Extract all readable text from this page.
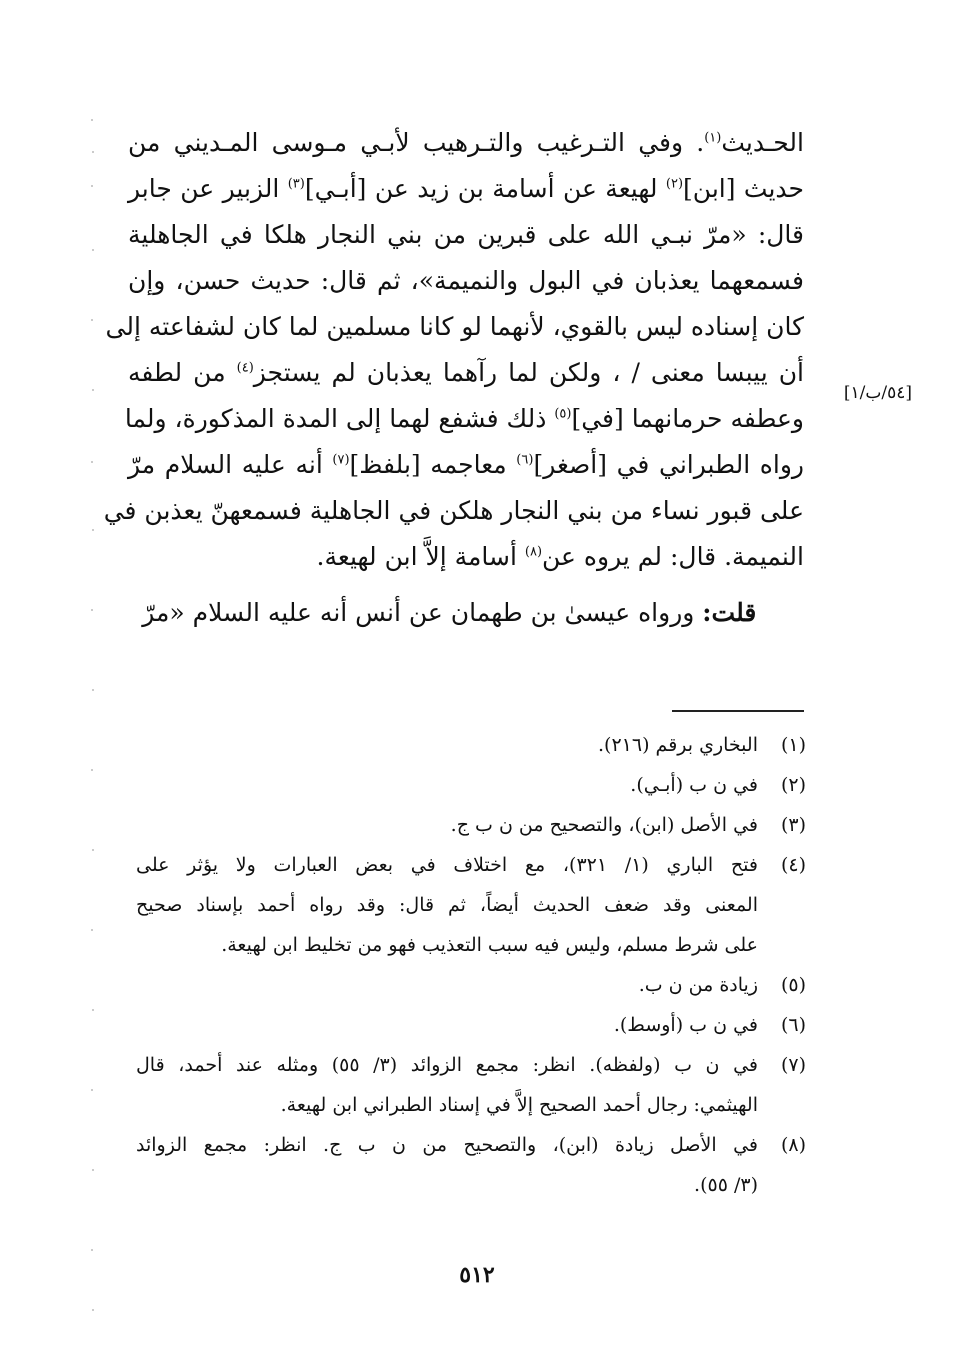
[٥٤/ب/١]

الحـديث$^{(١)}$. وفي التـرغيب والتـرهيب لأبـي مـوسى المـديني من

حديث [ابن]$^{(٢)}$ لهيعة عن أسامة بن زيد عن [أبـي]$^{(٣)}$ الزبير عن جابر

قال: «مرّ نبـي الله على قبرين من بني النجار هلكا في الجاهلية

فسمعهما يعذبان في البول والنميمة»، ثم قال: حديث حسن، وإن

كان إسناده ليس بالقوي، لأنهما لو كانا مسلمين لما كان لشفاعته إلى

أن ييبسا معنى / ، ولكن لما رآهما يعذبان لم يستجز$^{(٤)}$ من لطفه

وعطفه حرمانهما [في]$^{(٥)}$ ذلك فشفع لهما إلى المدة المذكورة، ولما

رواه الطبراني في [أصغر]$^{(٦)}$ معاجمه [بلفظ]$^{(٧)}$ أنه عليه السلام مرّ

على قبور نساء من بني النجار هلكن في الجاهلية فسمعهنّ يعذبن في

النميمة. قال: لم يروه عن$^{(٨)}$ أسامة إلاَّ ابن لهيعة.

قلت: ورواه عيسىٰ بن طهمان عن أنس أنه عليه السلام «مرّ

(١)
البخاري برقم (٢١٦).
(٢)
في ن ب (أبـي).
(٣)
في الأصل (ابن)، والتصحيح من ن ب ج.
(٤)
فتح الباري (١/ ٣٢١)، مع اختلاف في بعض العبارات ولا يؤثر على
المعنى وقد ضعف الحديث أيضاً، ثم قال: وقد رواه أحمد بإسناد صحيح
على شرط مسلم، وليس فيه سبب التعذيب فهو من تخليط ابن لهيعة.
(٥)
زيادة من ن ب.
(٦)
في ن ب (أوسط).
(٧)
في ن ب (ولفظه). انظر: مجمع الزوائد (٣/ ٥٥) ومثله عند أحمد، قال
الهيثمي: رجال أحمد الصحيح إلاَّ في إسناد الطبراني ابن لهيعة.
(٨)
في الأصل زيادة (ابن)، والتصحيح من ن ب ج. انظر: مجمع الزوائد
(٣/ ٥٥).
٥١٢
